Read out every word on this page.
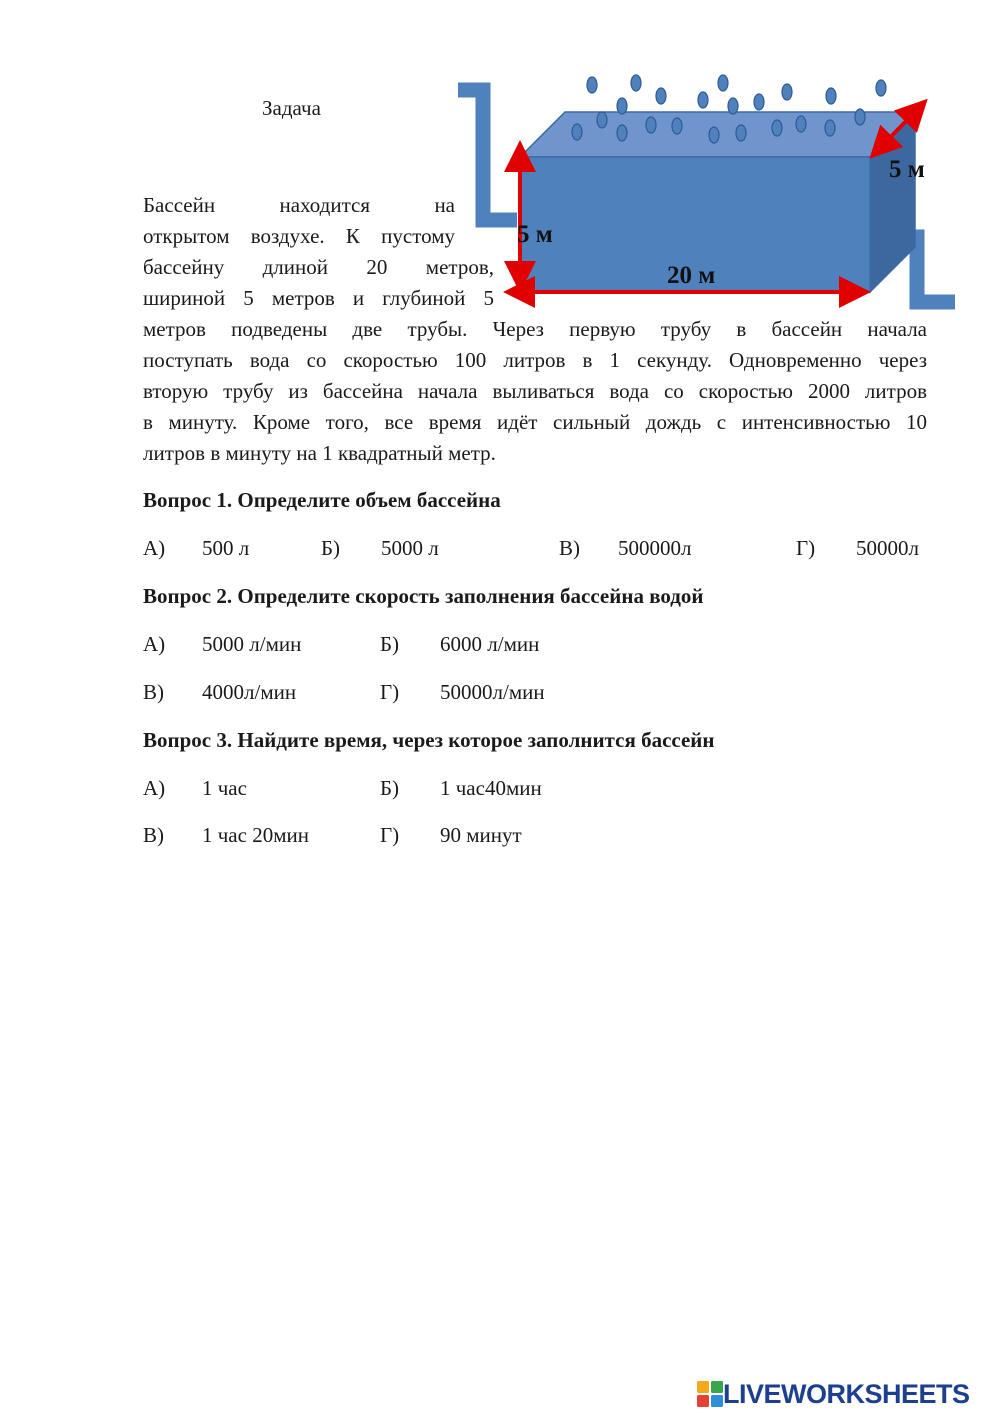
Задача
Бассейн находится на
открытом воздухе. К пустому
бассейну длиной 20 метров,
шириной 5 метров и глубиной 5
метров подведены две трубы. Через первую трубу в бассейн начала
поступать вода со скоростью 100 литров в 1 секунду. Одновременно через
вторую трубу из бассейна начала выливаться вода со скоростью 2000 литров
в минуту. Кроме того, все время идёт сильный дождь с интенсивностью 10
литров в минуту на 1 квадратный метр.
5 м
20 м
5 м
Вопрос 1. Определите объем бассейна
А) 500 л	Б) 5000 л	В) 500000л	Г) 50000л
Вопрос 2. Определите скорость заполнения бассейна водой
А) 5000 л/мин	Б) 6000 л/мин
В) 4000л/мин	Г) 50000л/мин
Вопрос 3. Найдите время, через которое заполнится бассейн
А) 1 час	Б) 1 час40мин
В) 1 час 20мин	Г) 90 минут
LIVEWORKSHEETS
